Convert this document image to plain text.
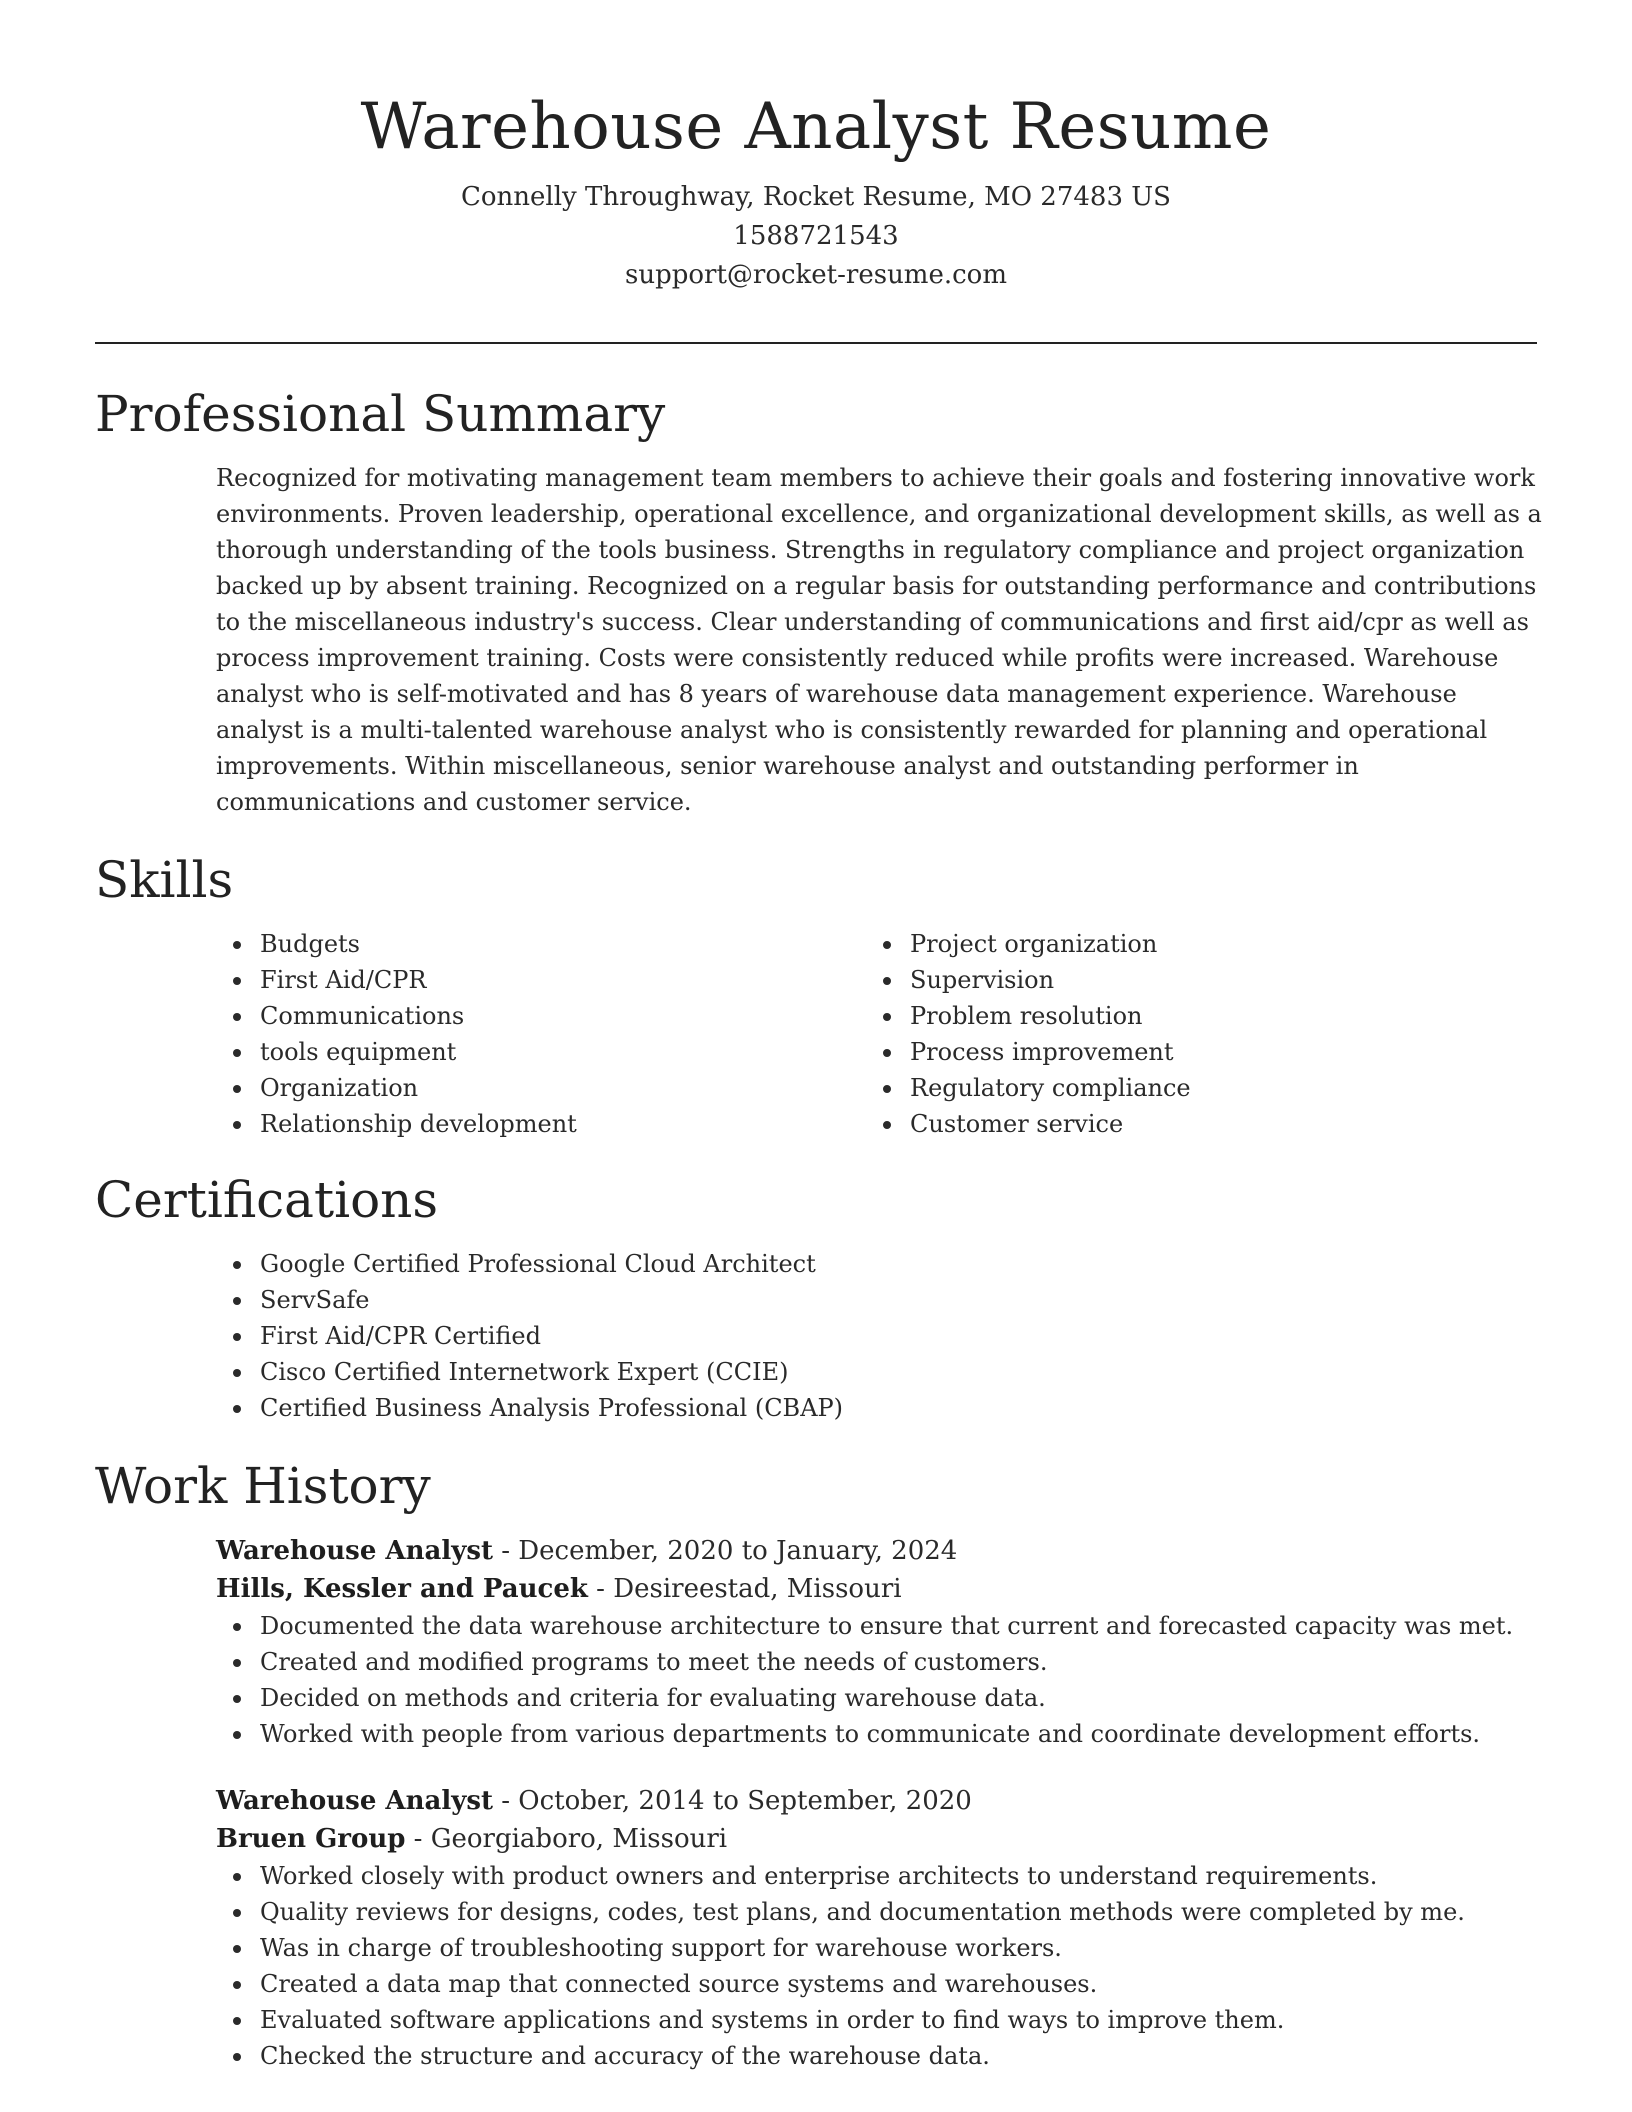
Warehouse Analyst Resume
Connelly Throughway, Rocket Resume, MO 27483 US
1588721543
support@rocket-resume.com
Professional Summary
Recognized for motivating management team members to achieve their goals and fostering innovative work environments. Proven leadership, operational excellence, and organizational development skills, as well as a thorough understanding of the tools business. Strengths in regulatory compliance and project organization backed up by absent training. Recognized on a regular basis for outstanding performance and contributions to the miscellaneous industry's success. Clear understanding of communications and first aid/cpr as well as process improvement training. Costs were consistently reduced while profits were increased. Warehouse analyst who is self-motivated and has 8 years of warehouse data management experience. Warehouse analyst is a multi-talented warehouse analyst who is consistently rewarded for planning and operational improvements. Within miscellaneous, senior warehouse analyst and outstanding performer in communications and customer service.
Skills
Budgets
First Aid/CPR
Communications
tools equipment
Organization
Relationship development
Project organization
Supervision
Problem resolution
Process improvement
Regulatory compliance
Customer service
Certifications
Google Certified Professional Cloud Architect
ServSafe
First Aid/CPR Certified
Cisco Certified Internetwork Expert (CCIE)
Certified Business Analysis Professional (CBAP)
Work History
Warehouse Analyst - December, 2020 to January, 2024
Hills, Kessler and Paucek - Desireestad, Missouri
Documented the data warehouse architecture to ensure that current and forecasted capacity was met.
Created and modified programs to meet the needs of customers.
Decided on methods and criteria for evaluating warehouse data.
Worked with people from various departments to communicate and coordinate development efforts.
Warehouse Analyst - October, 2014 to September, 2020
Bruen Group - Georgiaboro, Missouri
Worked closely with product owners and enterprise architects to understand requirements.
Quality reviews for designs, codes, test plans, and documentation methods were completed by me.
Was in charge of troubleshooting support for warehouse workers.
Created a data map that connected source systems and warehouses.
Evaluated software applications and systems in order to find ways to improve them.
Checked the structure and accuracy of the warehouse data.
